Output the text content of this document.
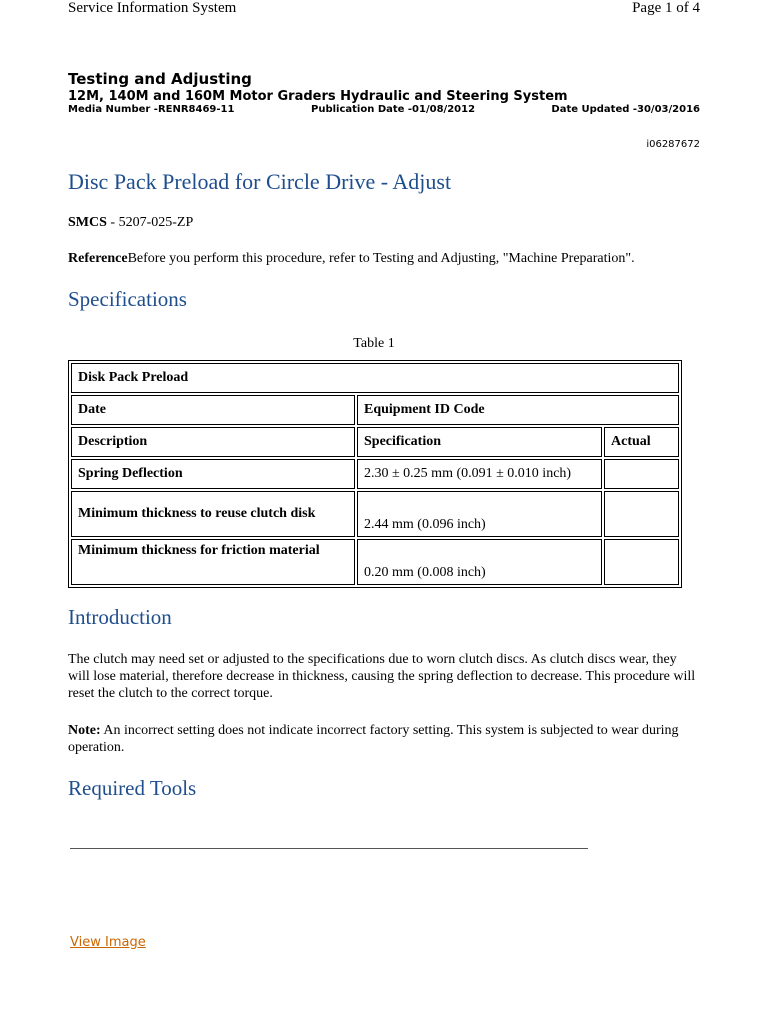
Service Information System	Page 1 of 4
Testing and Adjusting
12M, 140M and 160M Motor Graders Hydraulic and Steering System
Media Number -RENR8469-11	Publication Date -01/08/2012	Date Updated -30/03/2016
i06287672
Disc Pack Preload for Circle Drive - Adjust
SMCS - 5207-025-ZP
ReferenceBefore you perform this procedure, refer to Testing and Adjusting, "Machine Preparation".
Specifications
Table 1
Disk Pack Preload		
Date	Equipment ID Code	
Description	Specification	Actual
Spring Deflection	2.30 ± 0.25 mm (0.091 ± 0.010 inch)	
Minimum thickness to reuse clutch disk	2.44 mm (0.096 inch)	
Minimum thickness for friction material	0.20 mm (0.008 inch)	
Introduction
The clutch may need set or adjusted to the specifications due to worn clutch discs. As clutch discs wear, they will lose material, therefore decrease in thickness, causing the spring deflection to decrease. This procedure will reset the clutch to the correct torque.
Note: An incorrect setting does not indicate incorrect factory setting. This system is subjected to wear during operation.
Required Tools
View Image
